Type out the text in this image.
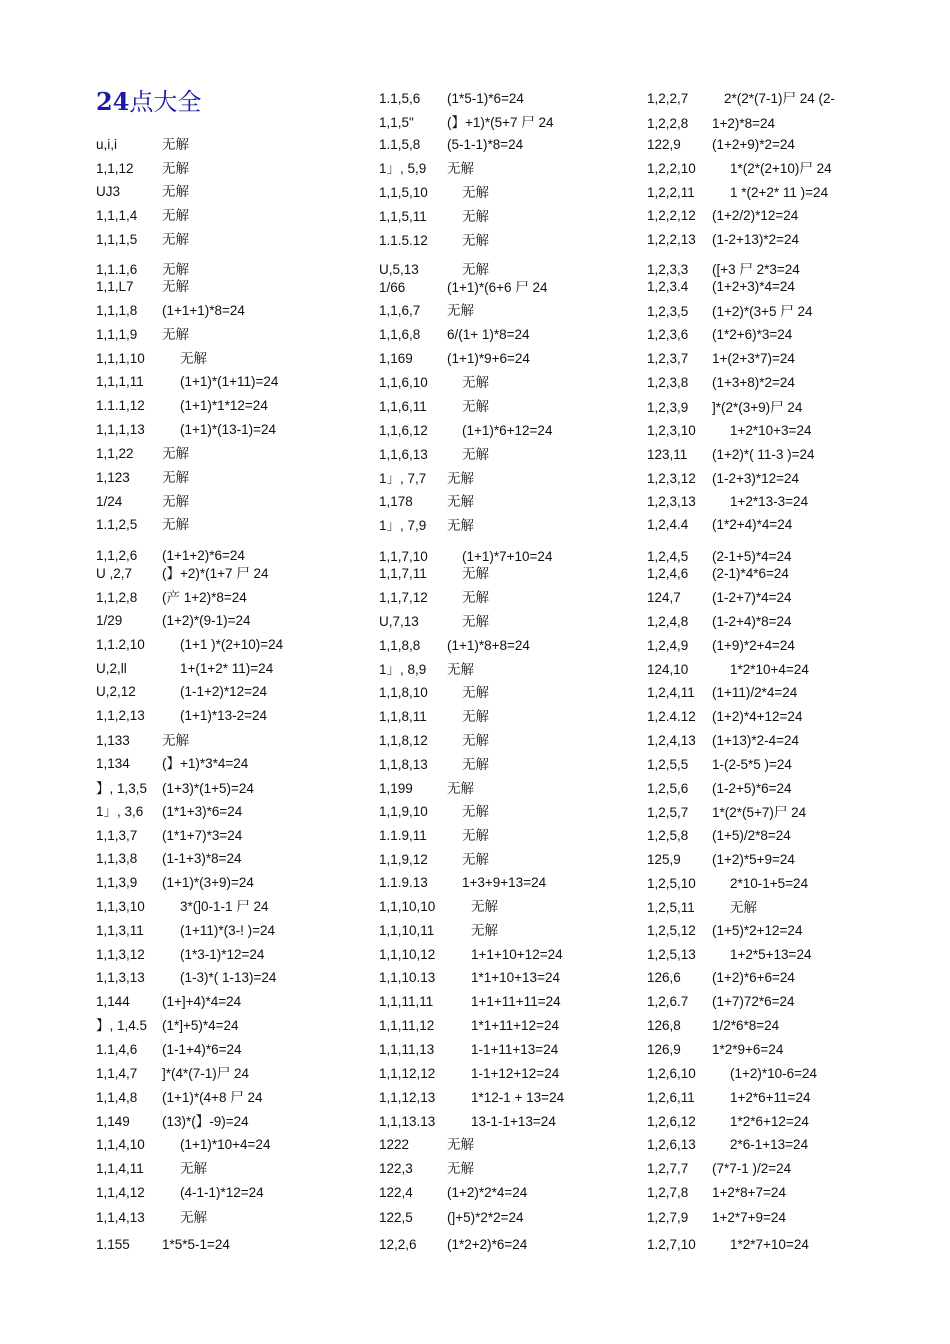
24点大全
u,i,i	无解
1,1,12 无解
UJ3	无解
1,1,1,4 无解
1,1,1,5 无解
1,1.1,6 无解
1,1,L7 无解
1,1,1,8 (1+1+1)*8=24
1,1,1,9 无解
1,1,1,10	无解
1,1,1,11	(1+1)*(1+11)=24
1.1.1,12	(1+1)*1*12=24
1,1,1,13	(1+1)*(13-1)=24
1,1,22 无解
1,123 无解
1/24	无解
1.1,2,5 无解
1,1,2,6 (1+1+2)*6=24
U ,2,7 (】+2)*(1+7 尸 24
1,1,2,8 (产 1+2)*8=24
1/29	(1+2)*(9-1)=24
1,1.2,10	(1+1 )*(2+10)=24
U,2,ll	1+(1+2* 11)=24
U,2,12	(1-1+2)*12=24
1,1,2,13	(1+1)*13-2=24
1,133 无解
1,134 (】+1)*3*4=24
】, 1,3,5 (1+3)*(1+5)=24
1」, 3,6 (1*1+3)*6=24
1,1,3,7 (1*1+7)*3=24
1,1,3,8 (1-1+3)*8=24
1,1,3,9 (1+1)*(3+9)=24
1,1,3,10	3*(]0-1-1 尸 24
1,1,3,11	(1+11)*(3-! )=24
1,1,3,12	(1*3-1)*12=24
1,1,3,13	(1-3)*( 1-13)=24
1,144 (1+]+4)*4=24
】, 1,4.5 (1*]+5)*4=24
1.1,4,6 (1-1+4)*6=24
1,1,4,7 ]*(4*(7-1)尸 24
1,1,4,8 (1+1)*(4+8 尸 24
1,149 (13)*(】-9)=24
1,1,4,10	(1+1)*10+4=24
1,1,4,11	无解
1,1,4,12	(4-1-1)*12=24
1,1,4,13	无解
1.155 1*5*5-1=24
1.1,5,6 (1*5-1)*6=24
1,1,5" (】+1)*(5+7 尸 24
1.1,5,8 (5-1-1)*8=24
1」, 5,9 无解
1,1,5,10	无解
1,1,5,11	无解
1.1.5.12	无解
U,5,13	无解
1/66	(1+1)*(6+6 尸 24
1,1,6,7 无解
1,1,6,8 6/(1+ 1)*8=24
1,169	(1+1)*9+6=24
1,1,6,10	无解
1,1,6,11	无解
1,1,6,12	(1+1)*6+12=24
1,1,6,13	无解
1」, 7,7 无解
1,178	无解
1」, 7,9 无解
1,1,7,10	(1+1)*7+10=24
1,1,7,11	无解
1,1,7,12	无解
U,7,13	无解
1,1,8,8 (1+1)*8+8=24
1」, 8,9 无解
1,1,8,10	无解
1,1,8,11	无解
1,1,8,12	无解
1,1,8,13	无解
1,199	无解
1,1,9,10	无解
1.1.9,11	无解
1,1,9,12	无解
1.1.9.13	1+3+9+13=24
1,1,10,10	无解
1,1,10,11	无解
1,1,10,12	1+1+10+12=24
1,1,10.13	1*1+10+13=24
1,1,11,11	1+1+11+11=24
1,1,11,12	1*1+11+12=24
1,1,11,13	1-1+11+13=24
1,1,12,12	1-1+12+12=24
1,1,12,13	1*12-1 + 13=24
1,1,13.13	13-1-1+13=24
1222	无解
122,3	无解
122,4	(1+2)*2*4=24
122,5	(]+5)*2*2=24
12,2,6 (1*2+2)*6=24
1,2,2,7	2*(2*(7-1)尸 24 (2-
1,2,2,8 1+2)*8=24
122,9 (1+2+9)*2=24
1,2,2,10	1*(2*(2+10)尸 24
1,2,2,11	1 *(2+2* 11 )=24
1,2,2,12 (1+2/2)*12=24
1,2,2,13 (1-2+13)*2=24
1,2,3,3 ([+3 尸 2*3=24
1,2,3.4 (1+2+3)*4=24
1,2,3,5 (1+2)*(3+5 尸 24
1,2,3,6 (1*2+6)*3=24
1,2,3,7 1+(2+3*7)=24
1,2,3,8 (1+3+8)*2=24
1,2,3,9 ]*(2*(3+9)尸 24
1,2,3,10	1+2*10+3=24
123,11 (1+2)*( 11-3 )=24
1,2,3,12 (1-2+3)*12=24
1,2,3,13	1+2*13-3=24
1,2,4.4 (1*2+4)*4=24
1,2,4,5 (2-1+5)*4=24
1,2,4,6 (2-1)*4*6=24
124,7 (1-2+7)*4=24
1,2,4,8 (1-2+4)*8=24
1,2,4,9 (1+9)*2+4=24
124,10	1*2*10+4=24
1,2,4,11 (1+11)/2*4=24
1,2.4.12 (1+2)*4+12=24
1,2,4,13 (1+13)*2-4=24
1,2,5,5 1-(2-5*5 )=24
1,2,5,6 (1-2+5)*6=24
1,2,5,7 1*(2*(5+7)尸 24
1,2,5,8 (1+5)/2*8=24
125,9 (1+2)*5+9=24
1,2,5,10	2*10-1+5=24
1,2,5,11	无解
1,2,5,12 (1+5)*2+12=24
1,2,5,13	1+2*5+13=24
126,6 (1+2)*6+6=24
1,2,6.7 (1+7)72*6=24
126,8 1/2*6*8=24
126,9 1*2*9+6=24
1,2,6,10	(1+2)*10-6=24
1,2,6,11	1+2*6+11=24
1,2,6,12	1*2*6+12=24
1,2,6,13	2*6-1+13=24
1,2,7,7 (7*7-1 )/2=24
1,2,7,8 1+2*8+7=24
1,2,7,9 1+2*7+9=24
1.2,7,10	1*2*7+10=24
